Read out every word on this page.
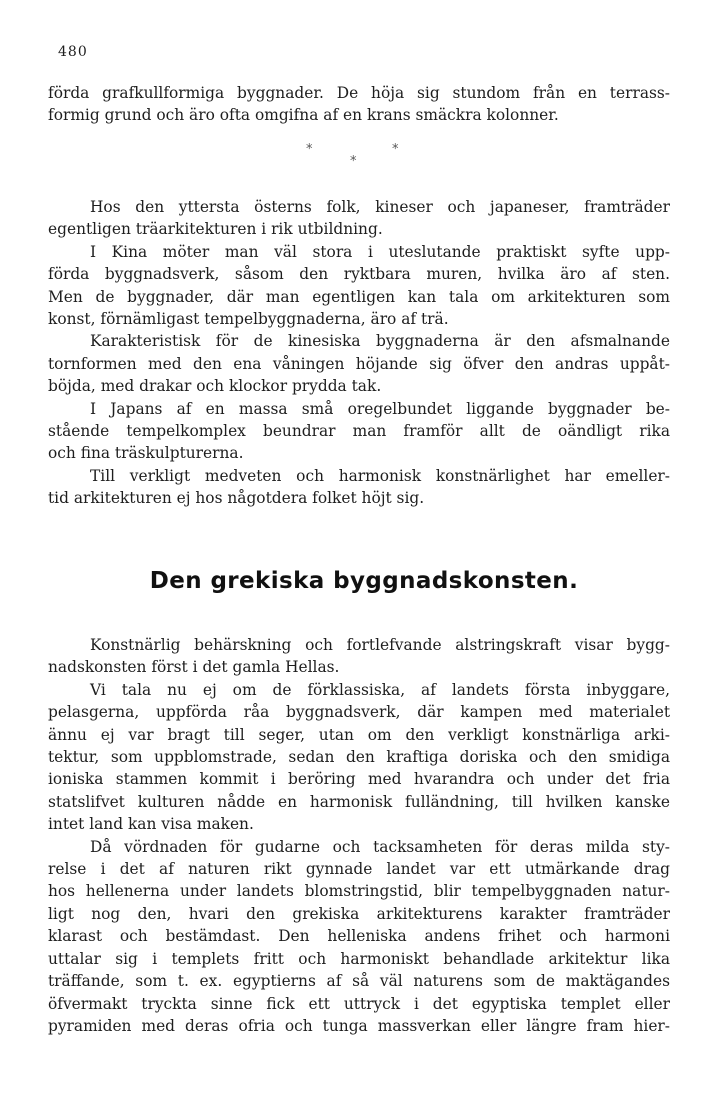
480
förda grafkullformiga byggnader. De höja sig stundom från en terrass-
formig grund och äro ofta omgifna af en krans smäckra kolonner.
*	*
*
Hos den yttersta österns folk, kineser och japaneser, framträder
egentligen träarkitekturen i rik utbildning.
I Kina möter man väl stora i uteslutande praktiskt syfte upp-
förda byggnadsverk, såsom den ryktbara muren, hvilka äro af sten.
Men de byggnader, där man egentligen kan tala om arkitekturen som
konst, förnämligast tempelbyggnaderna, äro af trä.
Karakteristisk för de kinesiska byggnaderna är den afsmalnande
tornformen med den ena våningen höjande sig öfver den andras uppåt-
böjda, med drakar och klockor prydda tak.
I Japans af en massa små oregelbundet liggande byggnader be-
stående tempelkomplex beundrar man framför allt de oändligt rika
och fina träskulpturerna.
Till verkligt medveten och harmonisk konstnärlighet har emeller-
tid arkitekturen ej hos någotdera folket höjt sig.
Den grekiska byggnadskonsten.
Konstnärlig behärskning och fortlefvande alstringskraft visar bygg-
nadskonsten först i det gamla Hellas.
Vi tala nu ej om de förklassiska, af landets första inbyggare,
pelasgerna, uppförda råa byggnadsverk, där kampen med materialet
ännu ej var bragt till seger, utan om den verkligt konstnärliga arki-
tektur, som uppblomstrade, sedan den kraftiga doriska och den smidiga
ioniska stammen kommit i beröring med hvarandra och under det fria
statslifvet kulturen nådde en harmonisk fulländning, till hvilken kanske
intet land kan visa maken.
Då vördnaden för gudarne och tacksamheten för deras milda sty-
relse i det af naturen rikt gynnade landet var ett utmärkande drag
hos hellenerna under landets blomstringstid, blir tempelbyggnaden natur-
ligt nog den, hvari den grekiska arkitekturens karakter framträder
klarast och bestämdast. Den helleniska andens frihet och harmoni
uttalar sig i templets fritt och harmoniskt behandlade arkitektur lika
träffande, som t. ex. egyptierns af så väl naturens som de maktägandes
öfvermakt tryckta sinne fick ett uttryck i det egyptiska templet eller
pyramiden med deras ofria och tunga massverkan eller längre fram hier-
